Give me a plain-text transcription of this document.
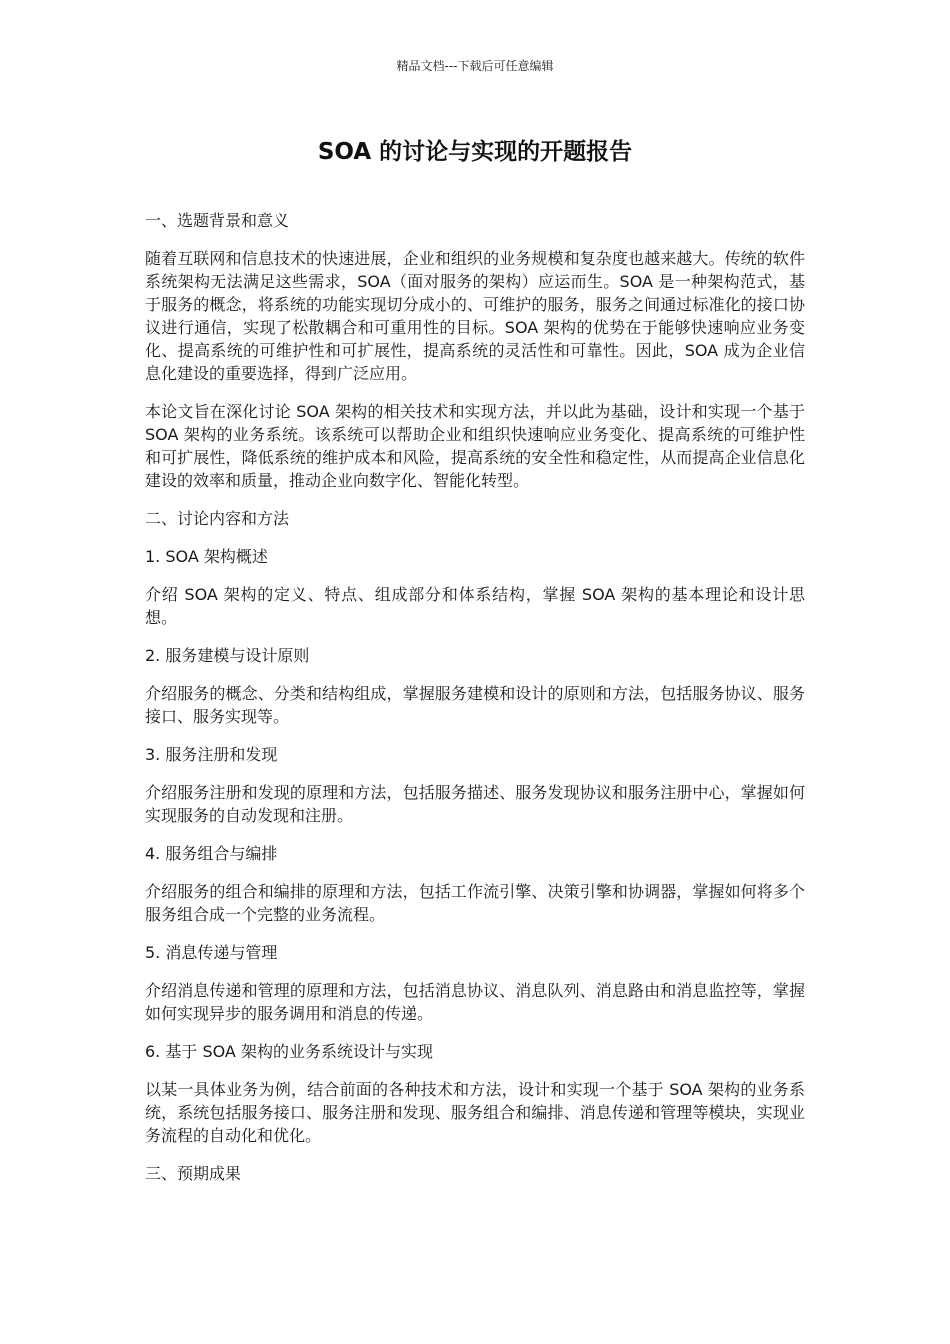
精品文档---下载后可任意编辑
SOA 的讨论与实现的开题报告

一、选题背景和意义

随着互联网和信息技术的快速进展，企业和组织的业务规模和复杂度也越来越大。传统的软件系统架构无法满足这些需求，SOA（面对服务的架构）应运而生。SOA 是一种架构范式，基于服务的概念，将系统的功能实现切分成小的、可维护的服务，服务之间通过标准化的接口协议进行通信，实现了松散耦合和可重用性的目标。SOA 架构的优势在于能够快速响应业务变化、提高系统的可维护性和可扩展性，提高系统的灵活性和可靠性。因此，SOA 成为企业信息化建设的重要选择，得到广泛应用。

本论文旨在深化讨论 SOA 架构的相关技术和实现方法，并以此为基础，设计和实现一个基于 SOA 架构的业务系统。该系统可以帮助企业和组织快速响应业务变化、提高系统的可维护性和可扩展性，降低系统的维护成本和风险，提高系统的安全性和稳定性，从而提高企业信息化建设的效率和质量，推动企业向数字化、智能化转型。

二、讨论内容和方法

1. SOA 架构概述

介绍 SOA 架构的定义、特点、组成部分和体系结构，掌握 SOA 架构的基本理论和设计思想。

2. 服务建模与设计原则

介绍服务的概念、分类和结构组成，掌握服务建模和设计的原则和方法，包括服务协议、服务接口、服务实现等。

3. 服务注册和发现

介绍服务注册和发现的原理和方法，包括服务描述、服务发现协议和服务注册中心，掌握如何实现服务的自动发现和注册。

4. 服务组合与编排

介绍服务的组合和编排的原理和方法，包括工作流引擎、决策引擎和协调器，掌握如何将多个服务组合成一个完整的业务流程。

5. 消息传递与管理

介绍消息传递和管理的原理和方法，包括消息协议、消息队列、消息路由和消息监控等，掌握如何实现异步的服务调用和消息的传递。

6. 基于 SOA 架构的业务系统设计与实现

以某一具体业务为例，结合前面的各种技术和方法，设计和实现一个基于 SOA 架构的业务系统，系统包括服务接口、服务注册和发现、服务组合和编排、消息传递和管理等模块，实现业务流程的自动化和优化。

三、预期成果
